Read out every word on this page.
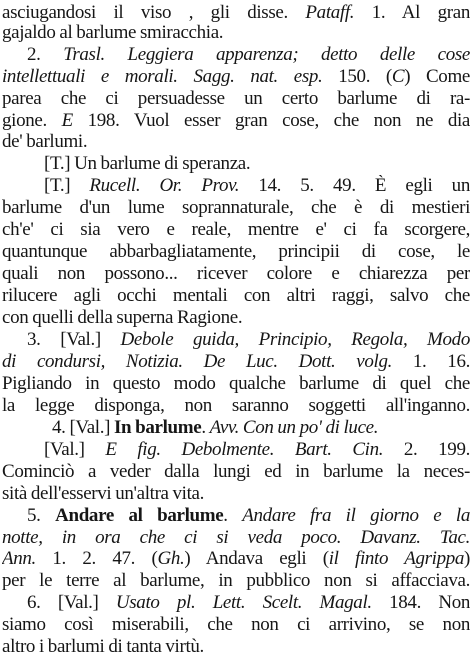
asciugandosi il viso , gli disse. Pataff. 1. Al gran
gajaldo al barlume smiracchia.
2. Trasl. Leggiera apparenza; detto delle cose
intellettuali e morali. Sagg. nat. esp. 150. (C) Come
parea che ci persuadesse un certo barlume di ra-
gione. E 198. Vuol esser gran cose, che non ne dia
de' barlumi.
[T.] Un barlume di speranza.
[T.] Rucell. Or. Prov. 14. 5. 49. È egli un
barlume d'un lume soprannaturale, che è di mestieri
ch'e' ci sia vero e reale, mentre e' ci fa scorgere,
quantunque abbarbagliatamente, principii di cose, le
quali non possono... ricever colore e chiarezza per
rilucere agli occhi mentali con altri raggi, salvo che
con quelli della superna Ragione.
3. [Val.] Debole guida, Principio, Regola, Modo
di condursi, Notizia. De Luc. Dott. volg. 1. 16.
Pigliando in questo modo qualche barlume di quel che
la legge disponga, non saranno soggetti all'inganno.
4. [Val.] In barlume. Avv. Con un po' di luce.
[Val.] E fig. Debolmente. Bart. Cin. 2. 199.
Cominciò a veder dalla lungi ed in barlume la neces-
sità dell'esservi un'altra vita.
5. Andare al barlume. Andare fra il giorno e la
notte, in ora che ci si veda poco. Davanz. Tac.
Ann. 1. 2. 47. (Gh.) Andava egli (il finto Agrippa)
per le terre al barlume, in pubblico non si affacciava.
6. [Val.] Usato pl. Lett. Scelt. Magal. 184. Non
siamo così miserabili, che non ci arrivino, se non
altro i barlumi di tanta virtù.
